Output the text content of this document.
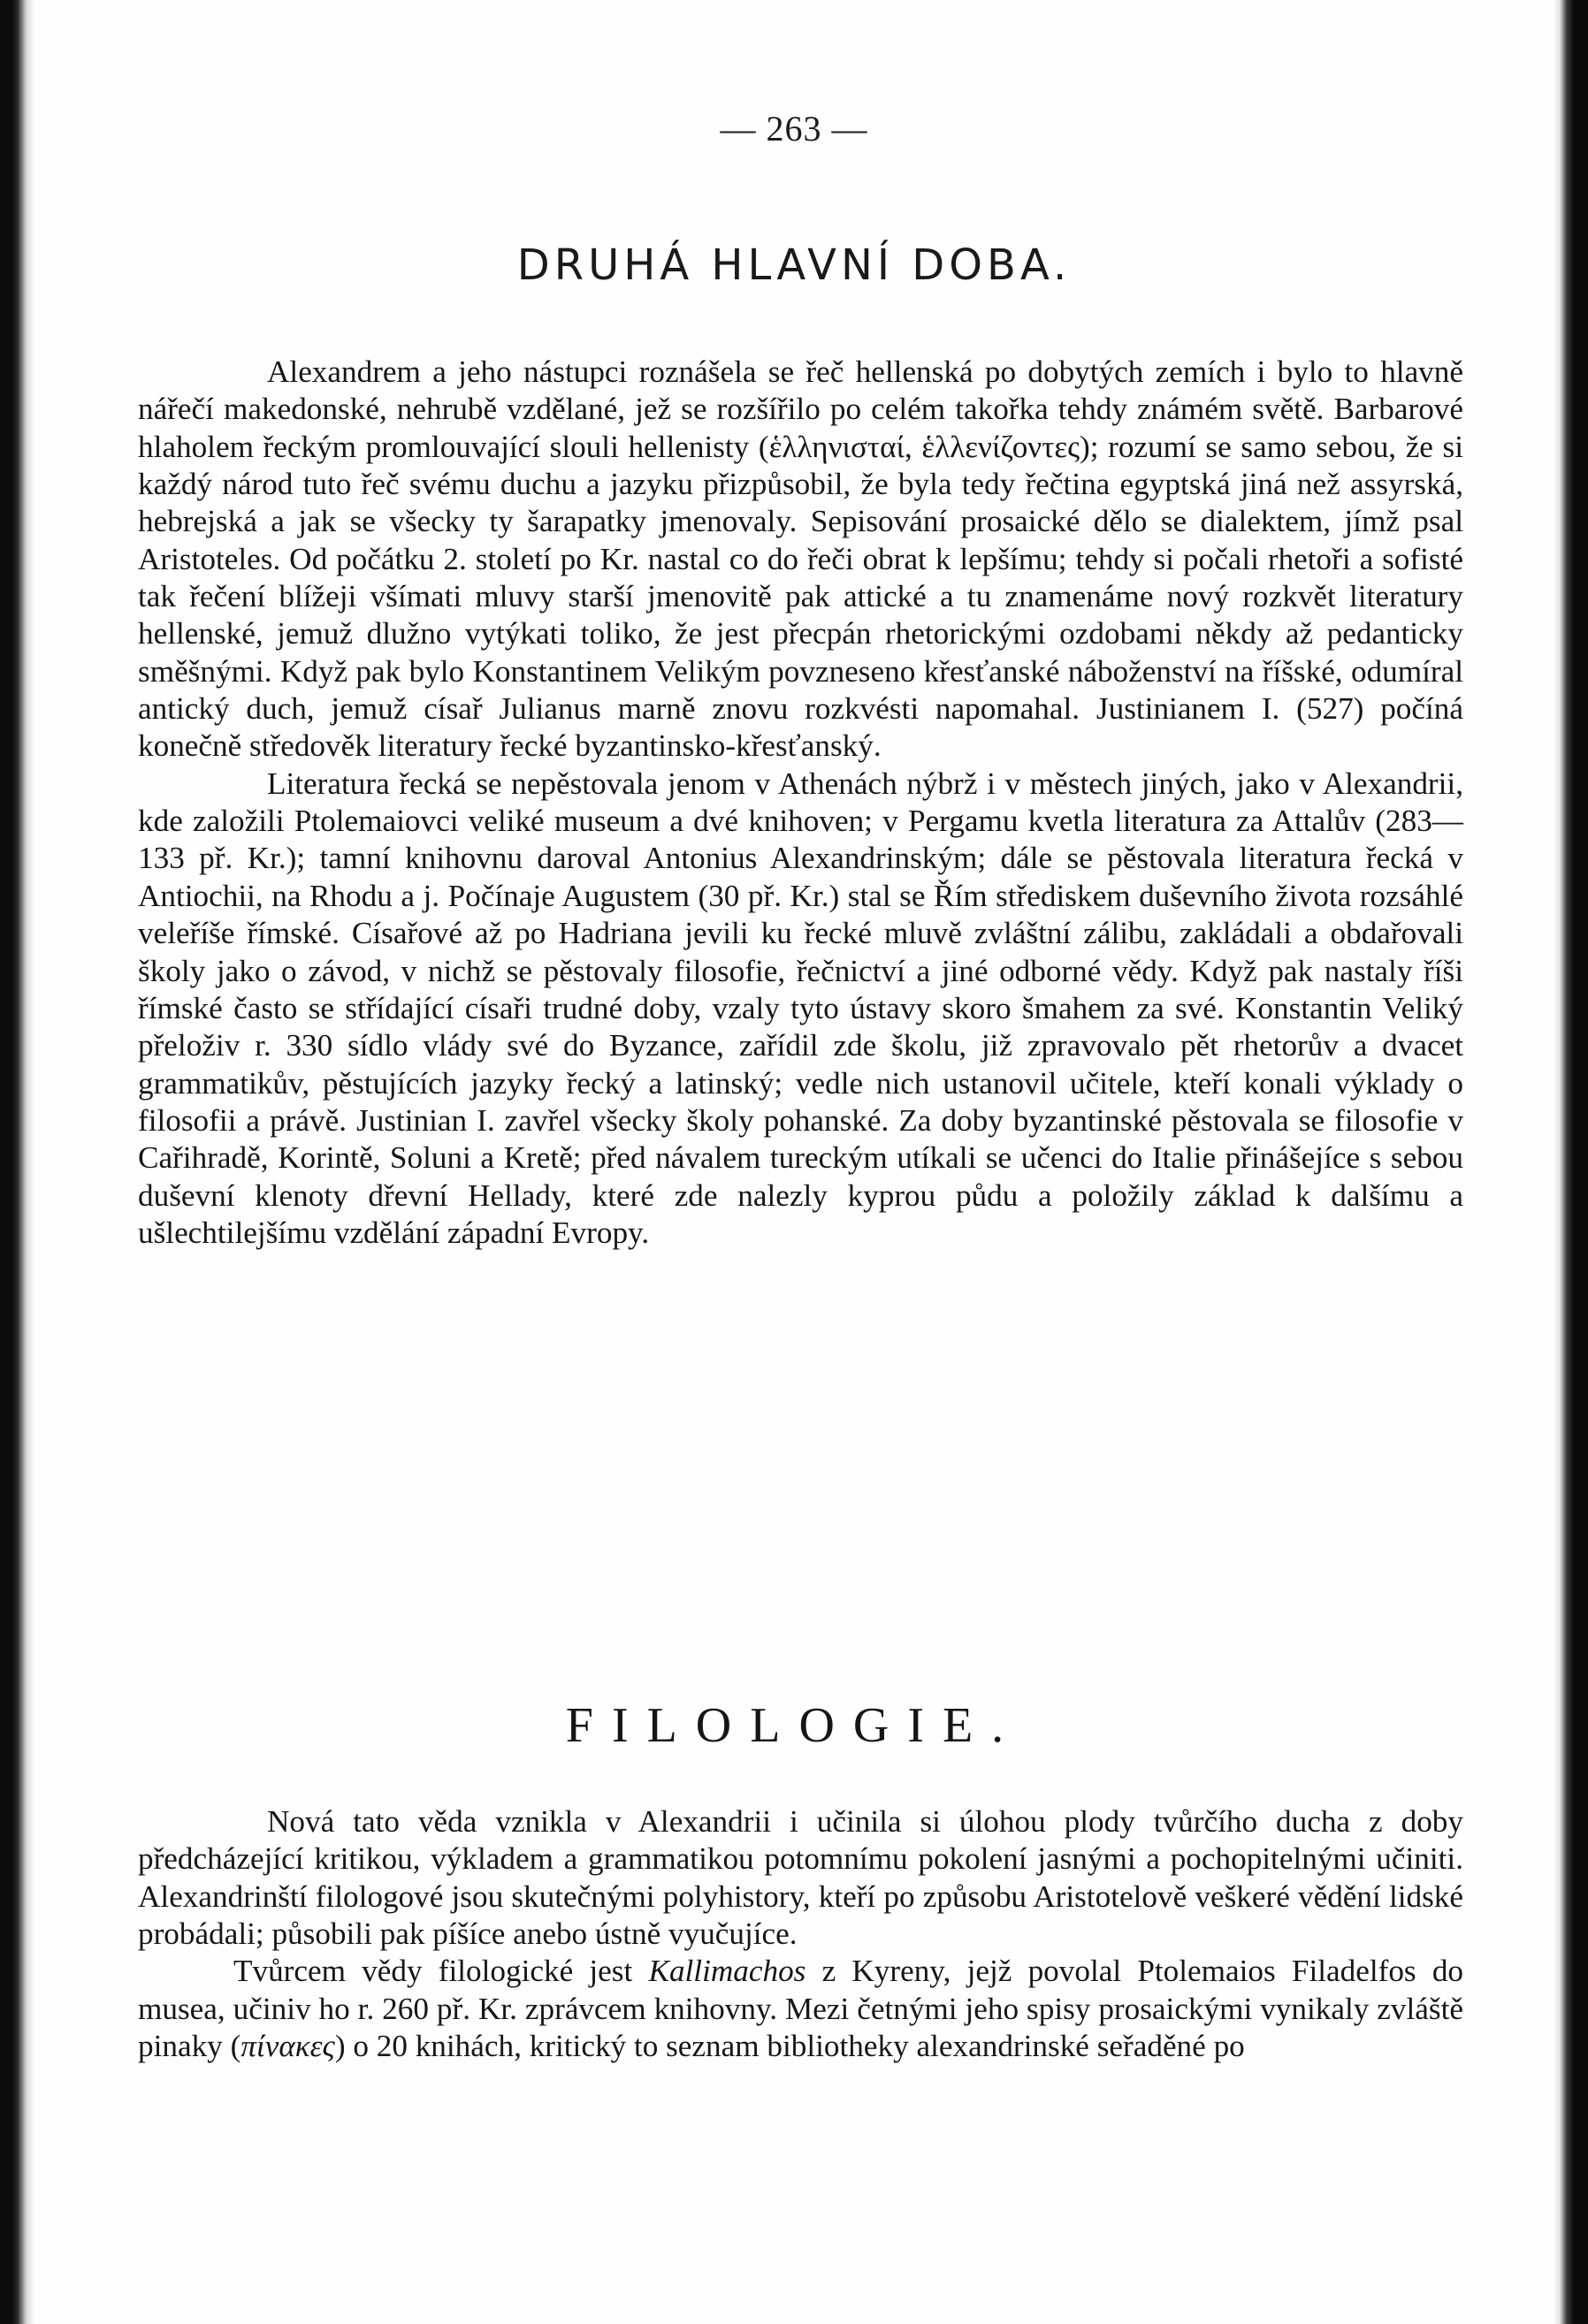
— 263 —
DRUHÁ HLAVNÍ DOBA.

Alexandrem a jeho nástupci roznášela se řeč hellenská po dobytých zemích i bylo to hlavně nářečí makedonské, nehrubě vzdělané, jež se rozšířilo po celém takořka tehdy známém světě. Barbarové hlaholem řeckým promlouvající slouli hellenisty (ἑλληνισταί, ἑλλενίζοντες); rozumí se samo sebou, že si každý národ tuto řeč svému duchu a jazyku přizpůsobil, že byla tedy řečtina egyptská jiná než assyrská, hebrejská a jak se všecky ty šarapatky jmenovaly. Sepisování prosaické dělo se dialektem, jímž psal Aristoteles. Od počátku 2. století po Kr. nastal co do řeči obrat k lepšímu; tehdy si počali rhetoři a sofisté tak řečení blížeji všímati mluvy starší jmenovitě pak attické a tu znamenáme nový rozkvět literatury hellenské, jemuž dlužno vytýkati toliko, že jest přecpán rhetorickými ozdobami někdy až pedanticky směšnými. Když pak bylo Konstantinem Velikým povzneseno křesťanské náboženství na říšské, odumíral antický duch, jemuž císař Julianus marně znovu rozkvésti napomahal. Justinianem I. (527) počíná konečně středověk literatury řecké byzantinsko-křesťanský.

Literatura řecká se nepěstovala jenom v Athenách nýbrž i v městech jiných, jako v Alexandrii, kde založili Ptolemaiovci veliké museum a dvé knihoven; v Pergamu kvetla literatura za Attalův (283—133 př. Kr.); tamní knihovnu daroval Antonius Alexandrinským; dále se pěstovala literatura řecká v Antiochii, na Rhodu a j. Počínaje Augustem (30 př. Kr.) stal se Řím střediskem duševního života rozsáhlé veleříše římské. Císařové až po Hadriana jevili ku řecké mluvě zvláštní zálibu, zakládali a obdařovali školy jako o závod, v nichž se pěstovaly filosofie, řečnictví a jiné odborné vědy. Když pak nastaly říši římské často se střídající císaři trudné doby, vzaly tyto ústavy skoro šmahem za své. Konstantin Veliký přeloživ r. 330 sídlo vlády své do Byzance, zařídil zde školu, již zpravovalo pět rhetorův a dvacet grammatikův, pěstujících jazyky řecký a latinský; vedle nich ustanovil učitele, kteří konali výklady o filosofii a právě. Justinian I. zavřel všecky školy pohanské. Za doby byzantinské pěstovala se filosofie v Cařihradě, Korintě, Soluni a Kretě; před návalem tureckým utíkali se učenci do Italie přinášejíce s sebou duševní klenoty dřevní Hellady, které zde nalezly kyprou půdu a položily základ k dalšímu a ušlechtilejšímu vzdělání západní Evropy.

FILOLOGIE.

Nová tato věda vznikla v Alexandrii i učinila si úlohou plody tvůrčího ducha z doby předcházející kritikou, výkladem a grammatikou potomnímu pokolení jasnými a pochopitelnými učiniti. Alexandrinští filologové jsou skutečnými polyhistory, kteří po způsobu Aristotelově veškeré vědění lidské probádali; působili pak píšíce anebo ústně vyučujíce.

Tvůrcem vědy filologické jest Kallimachos z Kyreny, jejž povolal Ptolemaios Filadelfos do musea, učiniv ho r. 260 př. Kr. zprávcem knihovny. Mezi četnými jeho spisy prosaickými vynikaly zvláště pinaky (πίνακες) o 20 knihách, kritický to seznam bibliotheky alexandrinské seřaděné po
